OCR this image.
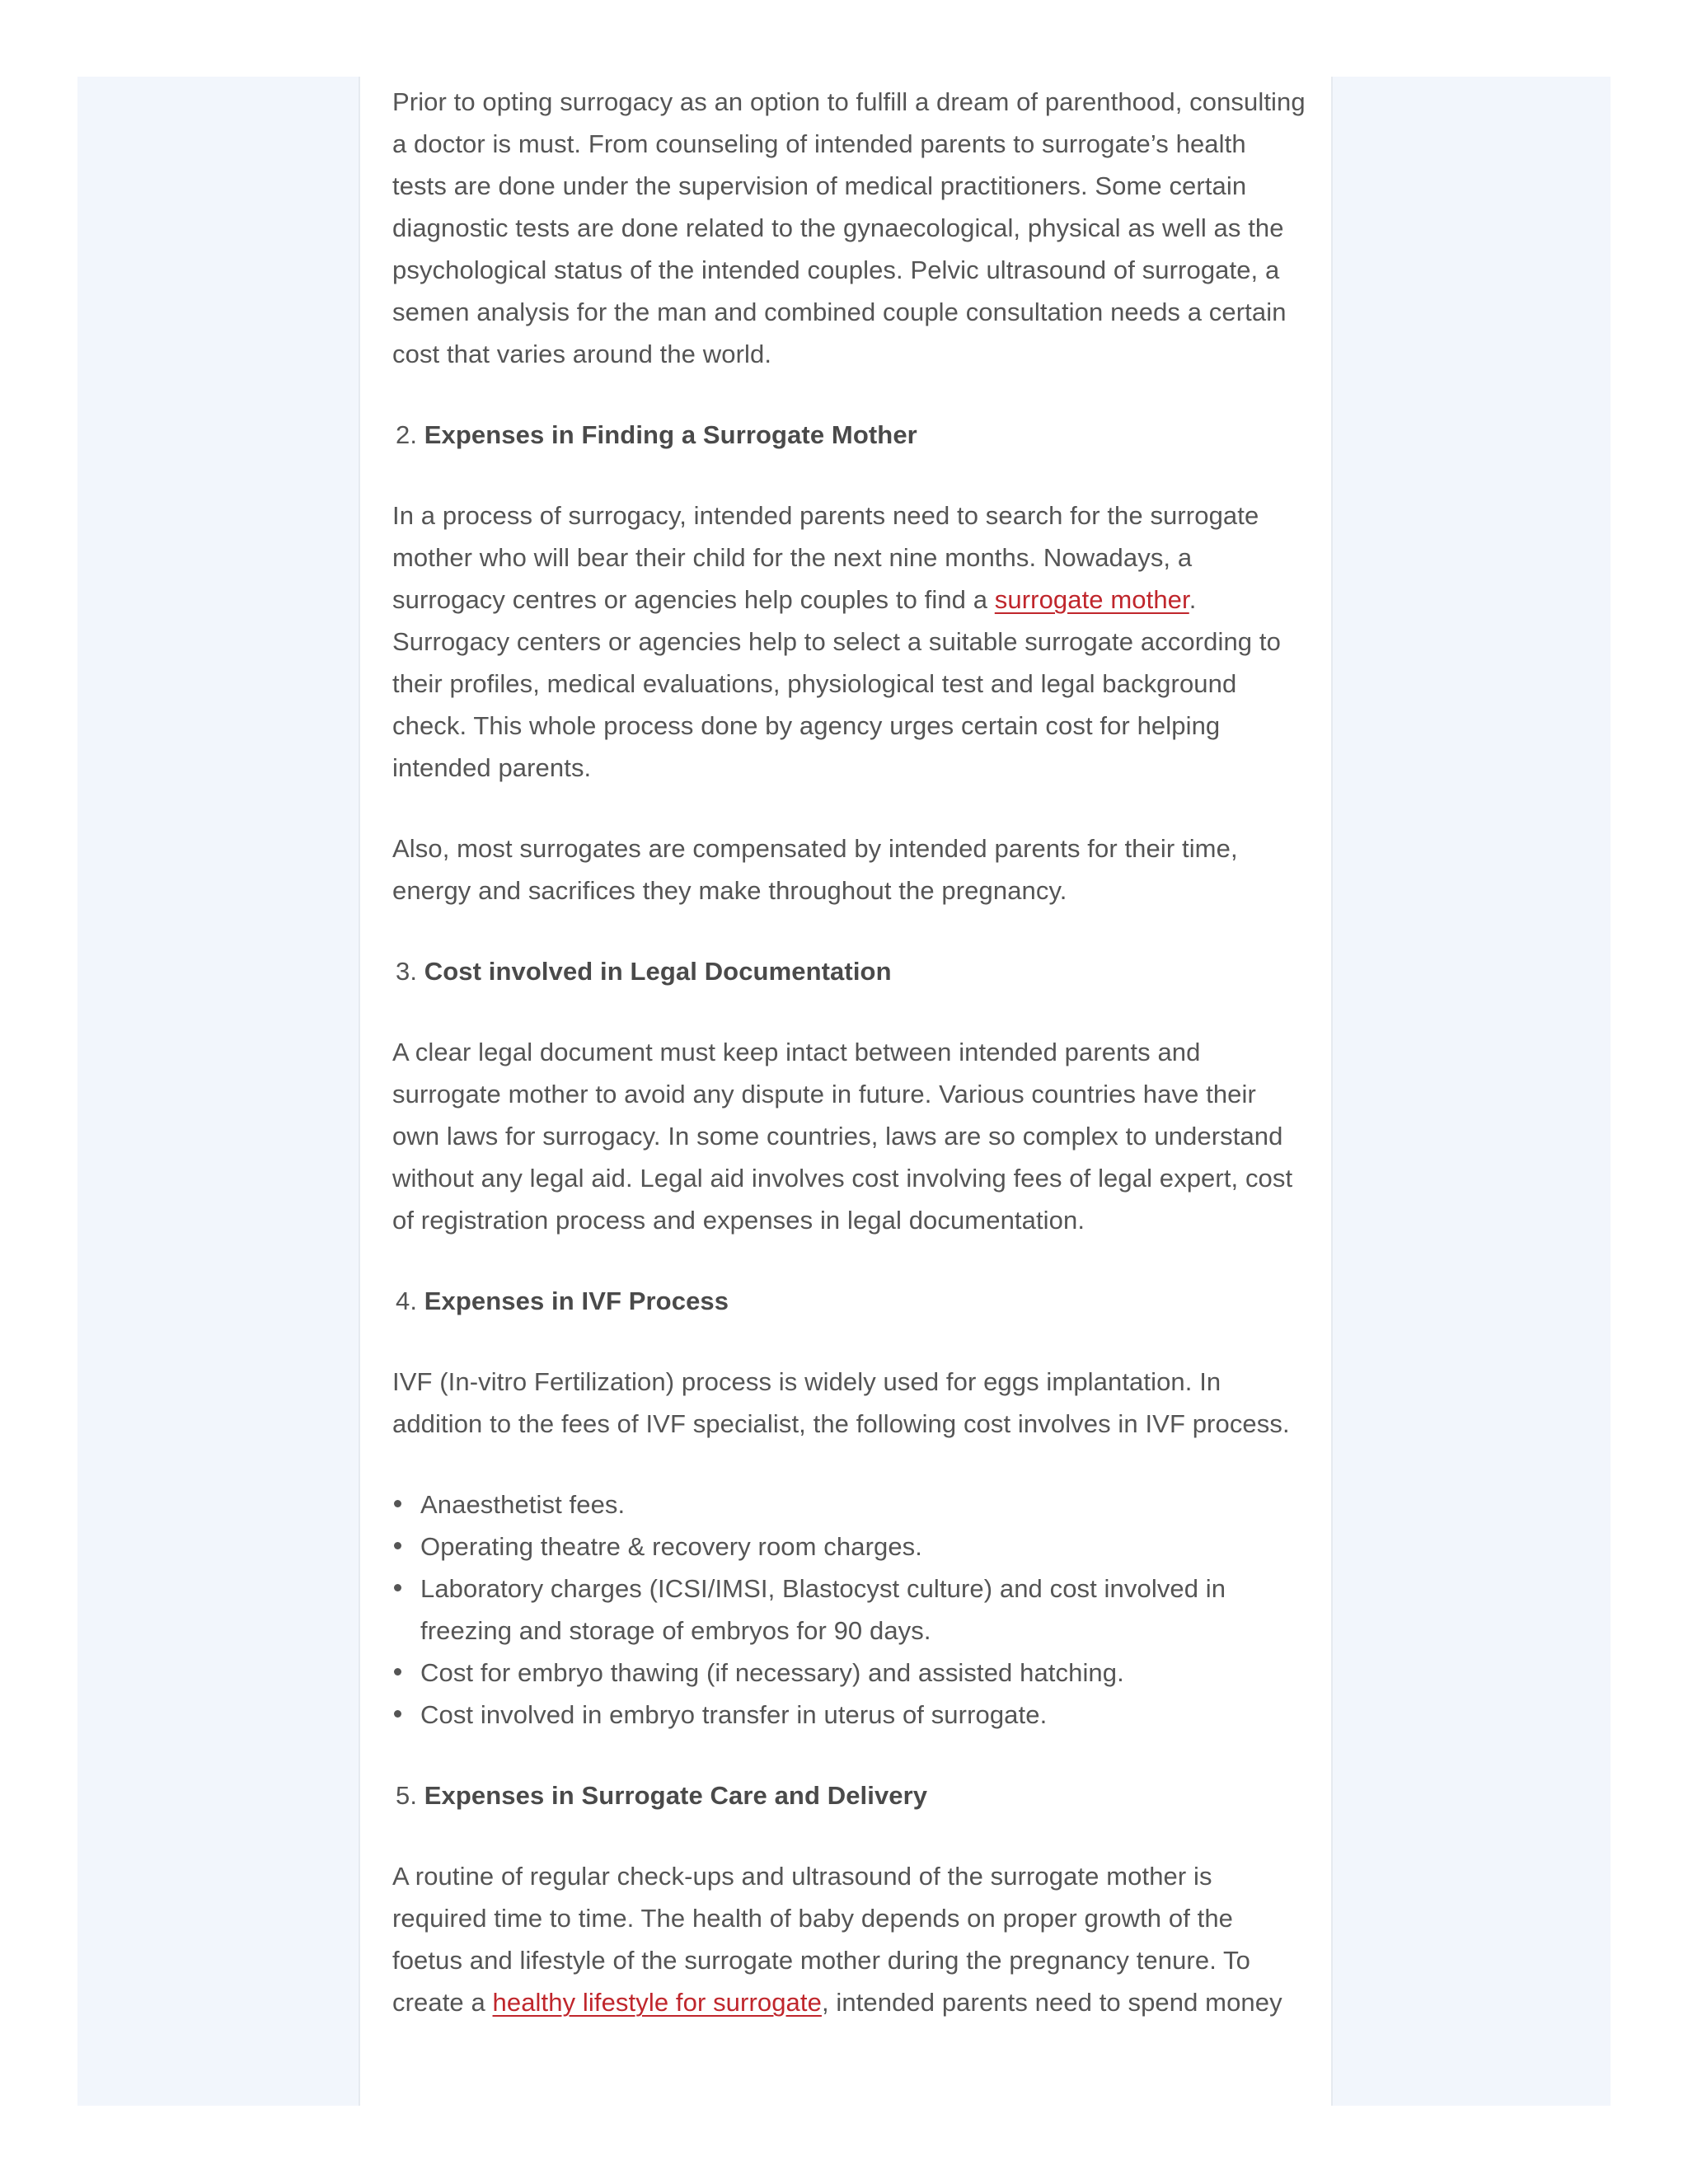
Prior to opting surrogacy as an option to fulfill a dream of parenthood, consulting a doctor is must. From counseling of intended parents to surrogate’s health tests are done under the supervision of medical practitioners. Some certain diagnostic tests are done related to the gynaecological, physical as well as the psychological status of the intended couples. Pelvic ultrasound of surrogate, a semen analysis for the man and combined couple consultation needs a certain cost that varies around the world.

2. Expenses in Finding a Surrogate Mother

In a process of surrogacy, intended parents need to search for the surrogate mother who will bear their child for the next nine months. Nowadays, a surrogacy centres or agencies help couples to find a surrogate mother. Surrogacy centers or agencies help to select a suitable surrogate according to their profiles, medical evaluations, physiological test and legal background check. This whole process done by agency urges certain cost for helping intended parents.

Also, most surrogates are compensated by intended parents for their time, energy and sacrifices they make throughout the pregnancy.

3. Cost involved in Legal Documentation

A clear legal document must keep intact between intended parents and surrogate mother to avoid any dispute in future. Various countries have their own laws for surrogacy. In some countries, laws are so complex to understand without any legal aid. Legal aid involves cost involving fees of legal expert, cost of registration process and expenses in legal documentation.

4. Expenses in IVF Process

IVF (In-vitro Fertilization) process is widely used for eggs implantation. In addition to the fees of IVF specialist, the following cost involves in IVF process.

Anaesthetist fees.
Operating theatre & recovery room charges.
Laboratory charges (ICSI/IMSI, Blastocyst culture) and cost involved in freezing and storage of embryos for 90 days.
Cost for embryo thawing (if necessary) and assisted hatching.
Cost involved in embryo transfer in uterus of surrogate.
5. Expenses in Surrogate Care and Delivery

A routine of regular check-ups and ultrasound of the surrogate mother is required time to time. The health of baby depends on proper growth of the foetus and lifestyle of the surrogate mother during the pregnancy tenure. To create a healthy lifestyle for surrogate, intended parents need to spend money
